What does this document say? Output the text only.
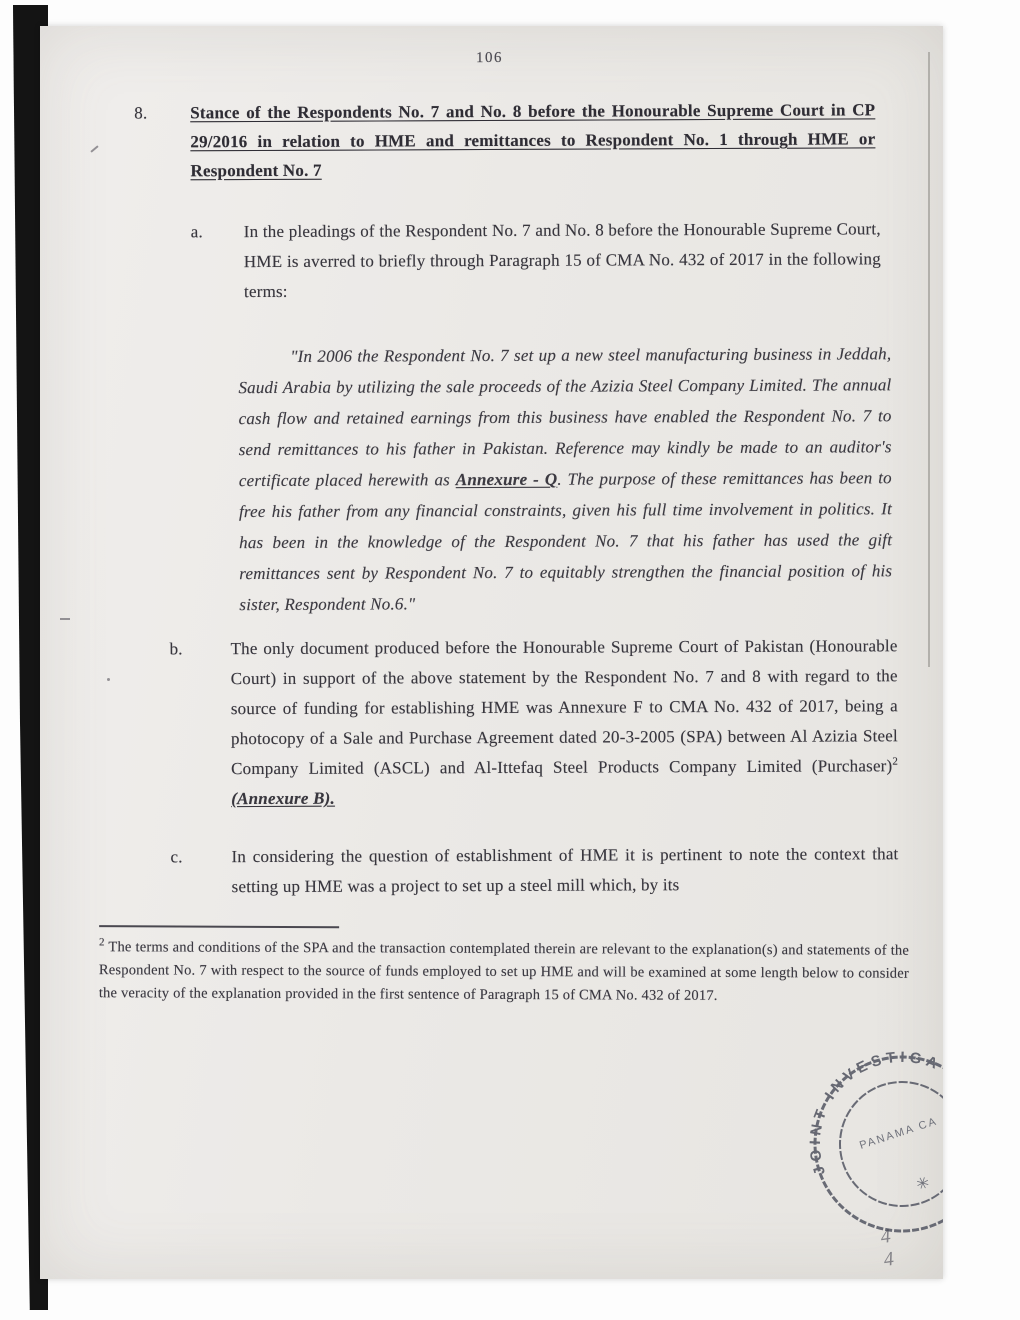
106
8.	Stance of the Respondents No. 7 and No. 8 before the Honourable Supreme Court in CP 29/2016 in relation to HME and remittances to Respondent No. 1 through HME or Respondent No. 7
a.	In the pleadings of the Respondent No. 7 and No. 8 before the Honourable Supreme Court, HME is averred to briefly through Paragraph 15 of CMA No. 432 of 2017 in the following terms:

"In 2006 the Respondent No. 7 set up a new steel manufacturing business in Jeddah, Saudi Arabia by utilizing the sale proceeds of the Azizia Steel Company Limited. The annual cash flow and retained earnings from this business have enabled the Respondent No. 7 to send remittances to his father in Pakistan. Reference may kindly be made to an auditor's certificate placed herewith as Annexure - Q. The purpose of these remittances has been to free his father from any financial constraints, given his full time involvement in politics. It has been in the knowledge of the Respondent No. 7 that his father has used the gift remittances sent by Respondent No. 7 to equitably strengthen the financial position of his sister, Respondent No.6."
b.	The only document produced before the Honourable Supreme Court of Pakistan (Honourable Court) in support of the above statement by the Respondent No. 7 and 8 with regard to the source of funding for establishing HME was Annexure F to CMA No. 432 of 2017, being a photocopy of a Sale and Purchase Agreement dated 20-3-2005 (SPA) between Al Azizia Steel Company Limited (ASCL) and Al-Ittefaq Steel Products Company Limited (Purchaser)$^2$ (Annexure B).

c.	In considering the question of establishment of HME it is pertinent to note the context that setting up HME was a project to set up a steel mill which, by its

$^2$ The terms and conditions of the SPA and the transaction contemplated therein are relevant to the explanation(s) and statements of the Respondent No. 7 with respect to the source of funds employed to set up HME and will be examined at some length below to consider the veracity of the explanation provided in the first sentence of Paragraph 15 of CMA No. 432 of 2017.

JOINT INVESTIGA
PANAMA CA
✳
4 4
